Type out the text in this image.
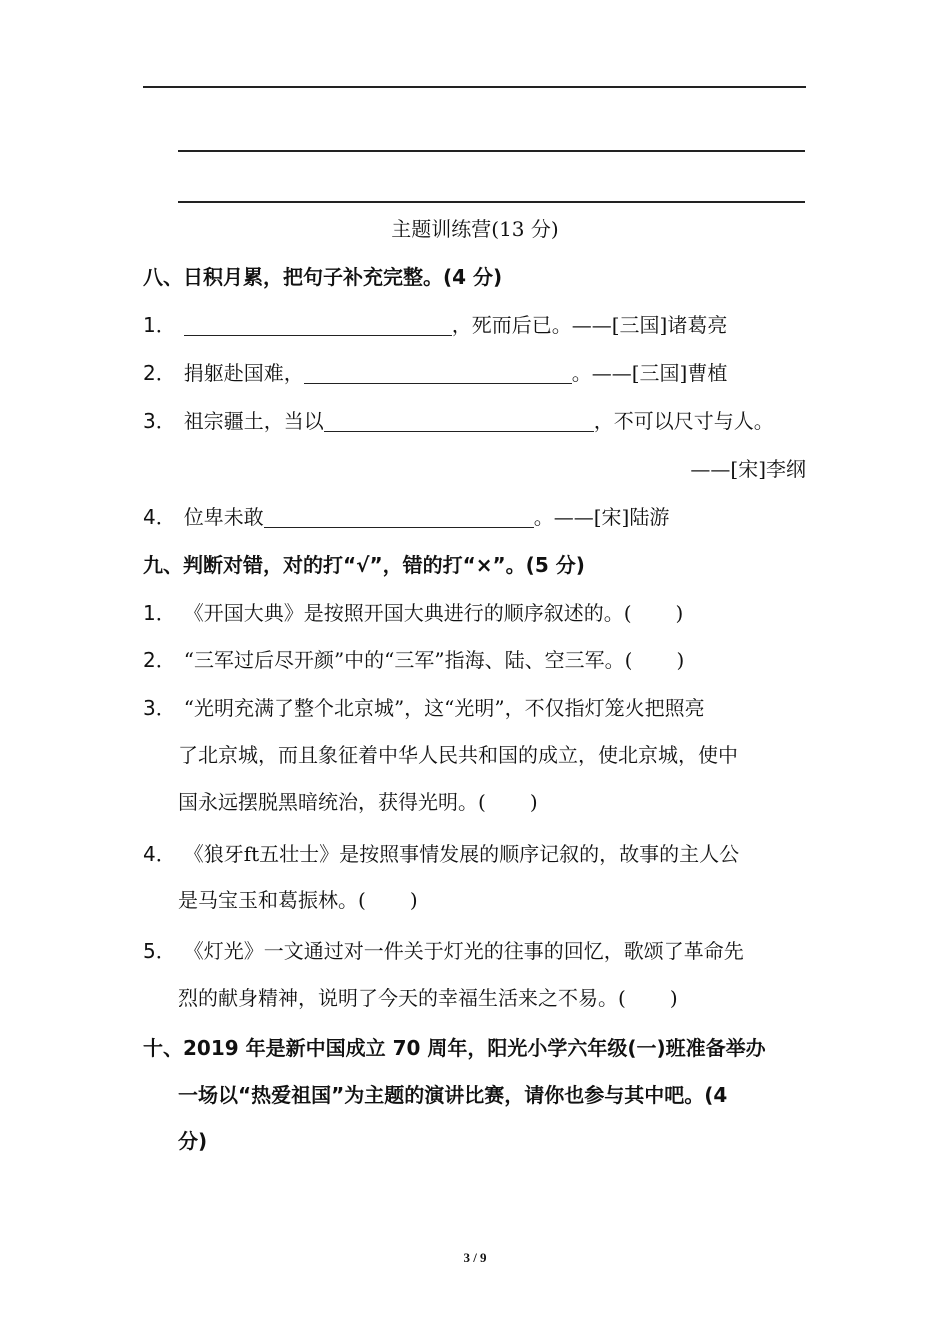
主题训练营(13 分)
八、日积月累，把句子补充完整。(4 分)
1．	，死而后已。——[三国]诸葛亮
2． 捐躯赴国难，	。——[三国]曹植
3． 祖宗疆土，当以	，不可以尺寸与人。
——[宋]李纲
4． 位卑未敢	。——[宋]陆游
九、判断对错，对的打“√”，错的打“×”。(5 分)
1． 《开国大典》是按照开国大典进行的顺序叙述的。( )
2． “三军过后尽开颜”中的“三军”指海、陆、空三军。( )
3． “光明充满了整个北京城”，这“光明”，不仅指灯笼火把照亮
了北京城，而且象征着中华人民共和国的成立，使北京城，使中
国永远摆脱黑暗统治，获得光明。( )
4． 《狼牙ft五壮士》是按照事情发展的顺序记叙的，故事的主人公
是马宝玉和葛振林。( )
5． 《灯光》一文通过对一件关于灯光的往事的回忆，歌颂了革命先
烈的献身精神，说明了今天的幸福生活来之不易。( )
十、2019 年是新中国成立 70 周年，阳光小学六年级(一)班准备举办
一场以“热爱祖国”为主题的演讲比赛，请你也参与其中吧。(4
分)
3 / 9
